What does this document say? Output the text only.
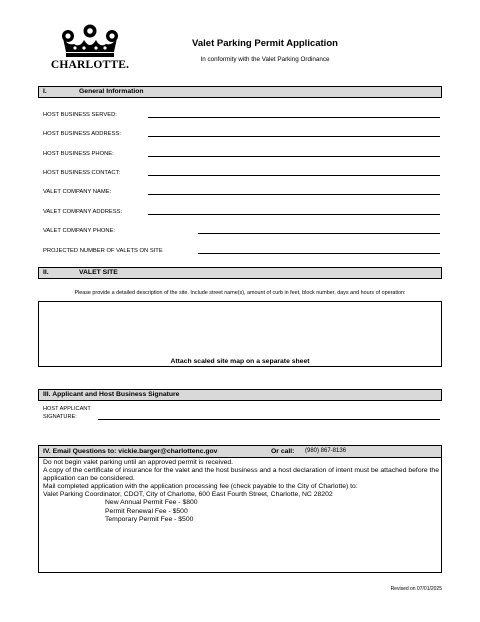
CHARLOTTE.
Valet Parking Permit Application
In conformity with the Valet Parking Ordinance
I.	General Information
HOST BUSINESS SERVED:
HOST BUSINESS ADDRESS:
HOST BUSINESS PHONE:
HOST BUSINESS CONTACT:
VALET COMPANY NAME:
VALET COMPANY ADDRESS:
VALET COMPANY PHONE:
PROJECTED NUMBER OF VALETS ON SITE
II.	VALET SITE
Please provide a detailed description of the site. Include street name(s), amount of curb in feet, block number, days and hours of operation:
Attach scaled site map on a separate sheet
III. Applicant and Host Business Signature
HOST APPLICANT
SIGNATURE:
IV. Email Questions to: vickie.barger@charlottenc.gov	Or call: (980) 867-8136

Do not begin valet parking until an approved permit is received.

A copy of the certificate of insurance for the valet and the host business and a host declaration of intent must be attached before the application can be considered.

Mail completed application with the application processing fee (check payable to the City of Charlotte) to:

Valet Parking Coordinator, CDOT, City of Charlotte, 600 East Fourth Street, Charlotte, NC 28202

New Annual Permit Fee - $800

Permit Renewal Fee - $500

Temporary Permit Fee - $500

Revised on 07/01/2025
